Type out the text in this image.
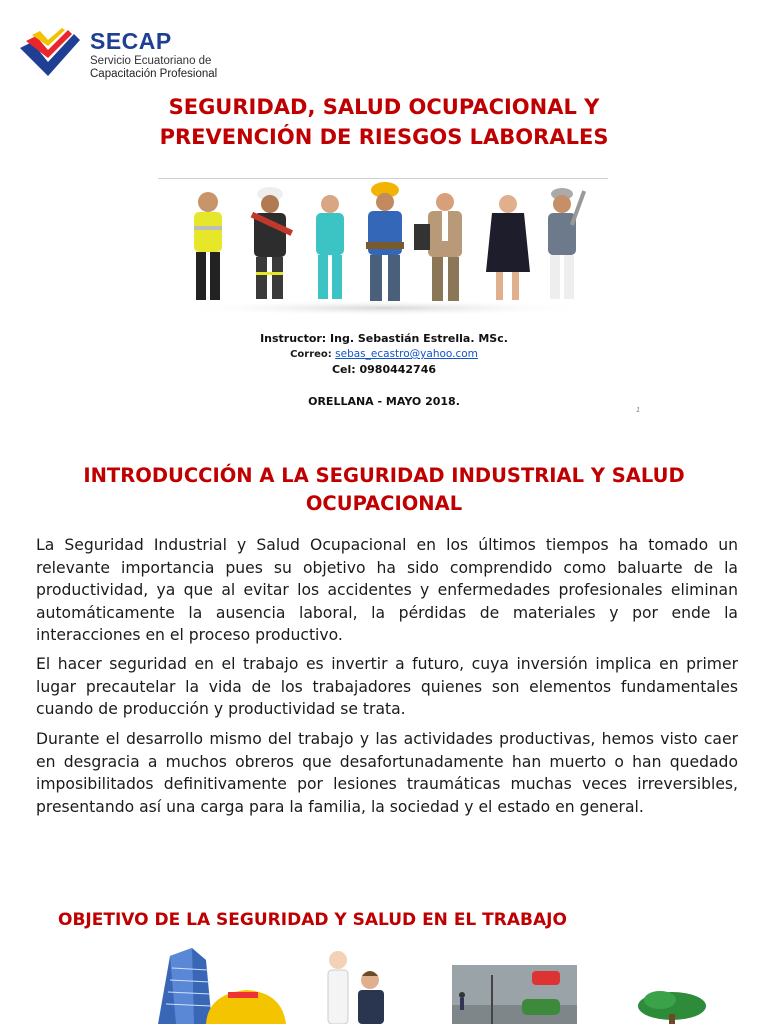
SECAP
Servicio Ecuatoriano de
Capacitación Profesional
SEGURIDAD, SALUD OCUPACIONAL Y
PREVENCIÓN DE RIESGOS LABORALES
Instructor: Ing. Sebastián Estrella. MSc.
Correo: sebas_ecastro@yahoo.com
Cel: 0980442746
ORELLANA - MAYO 2018.
1
INTRODUCCIÓN A LA SEGURIDAD INDUSTRIAL Y SALUD
OCUPACIONAL
La Seguridad Industrial y Salud Ocupacional en los últimos tiempos ha tomado un relevante importancia pues su objetivo ha sido comprendido como baluarte de la productividad, ya que al evitar los accidentes y enfermedades profesionales eliminan automáticamente la ausencia laboral, la pérdidas de materiales y por ende la interacciones en el proceso productivo.
El hacer seguridad en el trabajo es invertir a futuro, cuya inversión implica en primer lugar precautelar la vida de los trabajadores quienes son elementos fundamentales cuando de producción y productividad se trata.
Durante el desarrollo mismo del trabajo y las actividades productivas, hemos visto caer en desgracia a muchos obreros que desafortunadamente han muerto o han quedado imposibilitados definitivamente por lesiones traumáticas muchas veces irreversibles, presentando así una carga para la familia, la sociedad y el estado en general.
OBJETIVO DE LA SEGURIDAD Y SALUD EN EL TRABAJO
